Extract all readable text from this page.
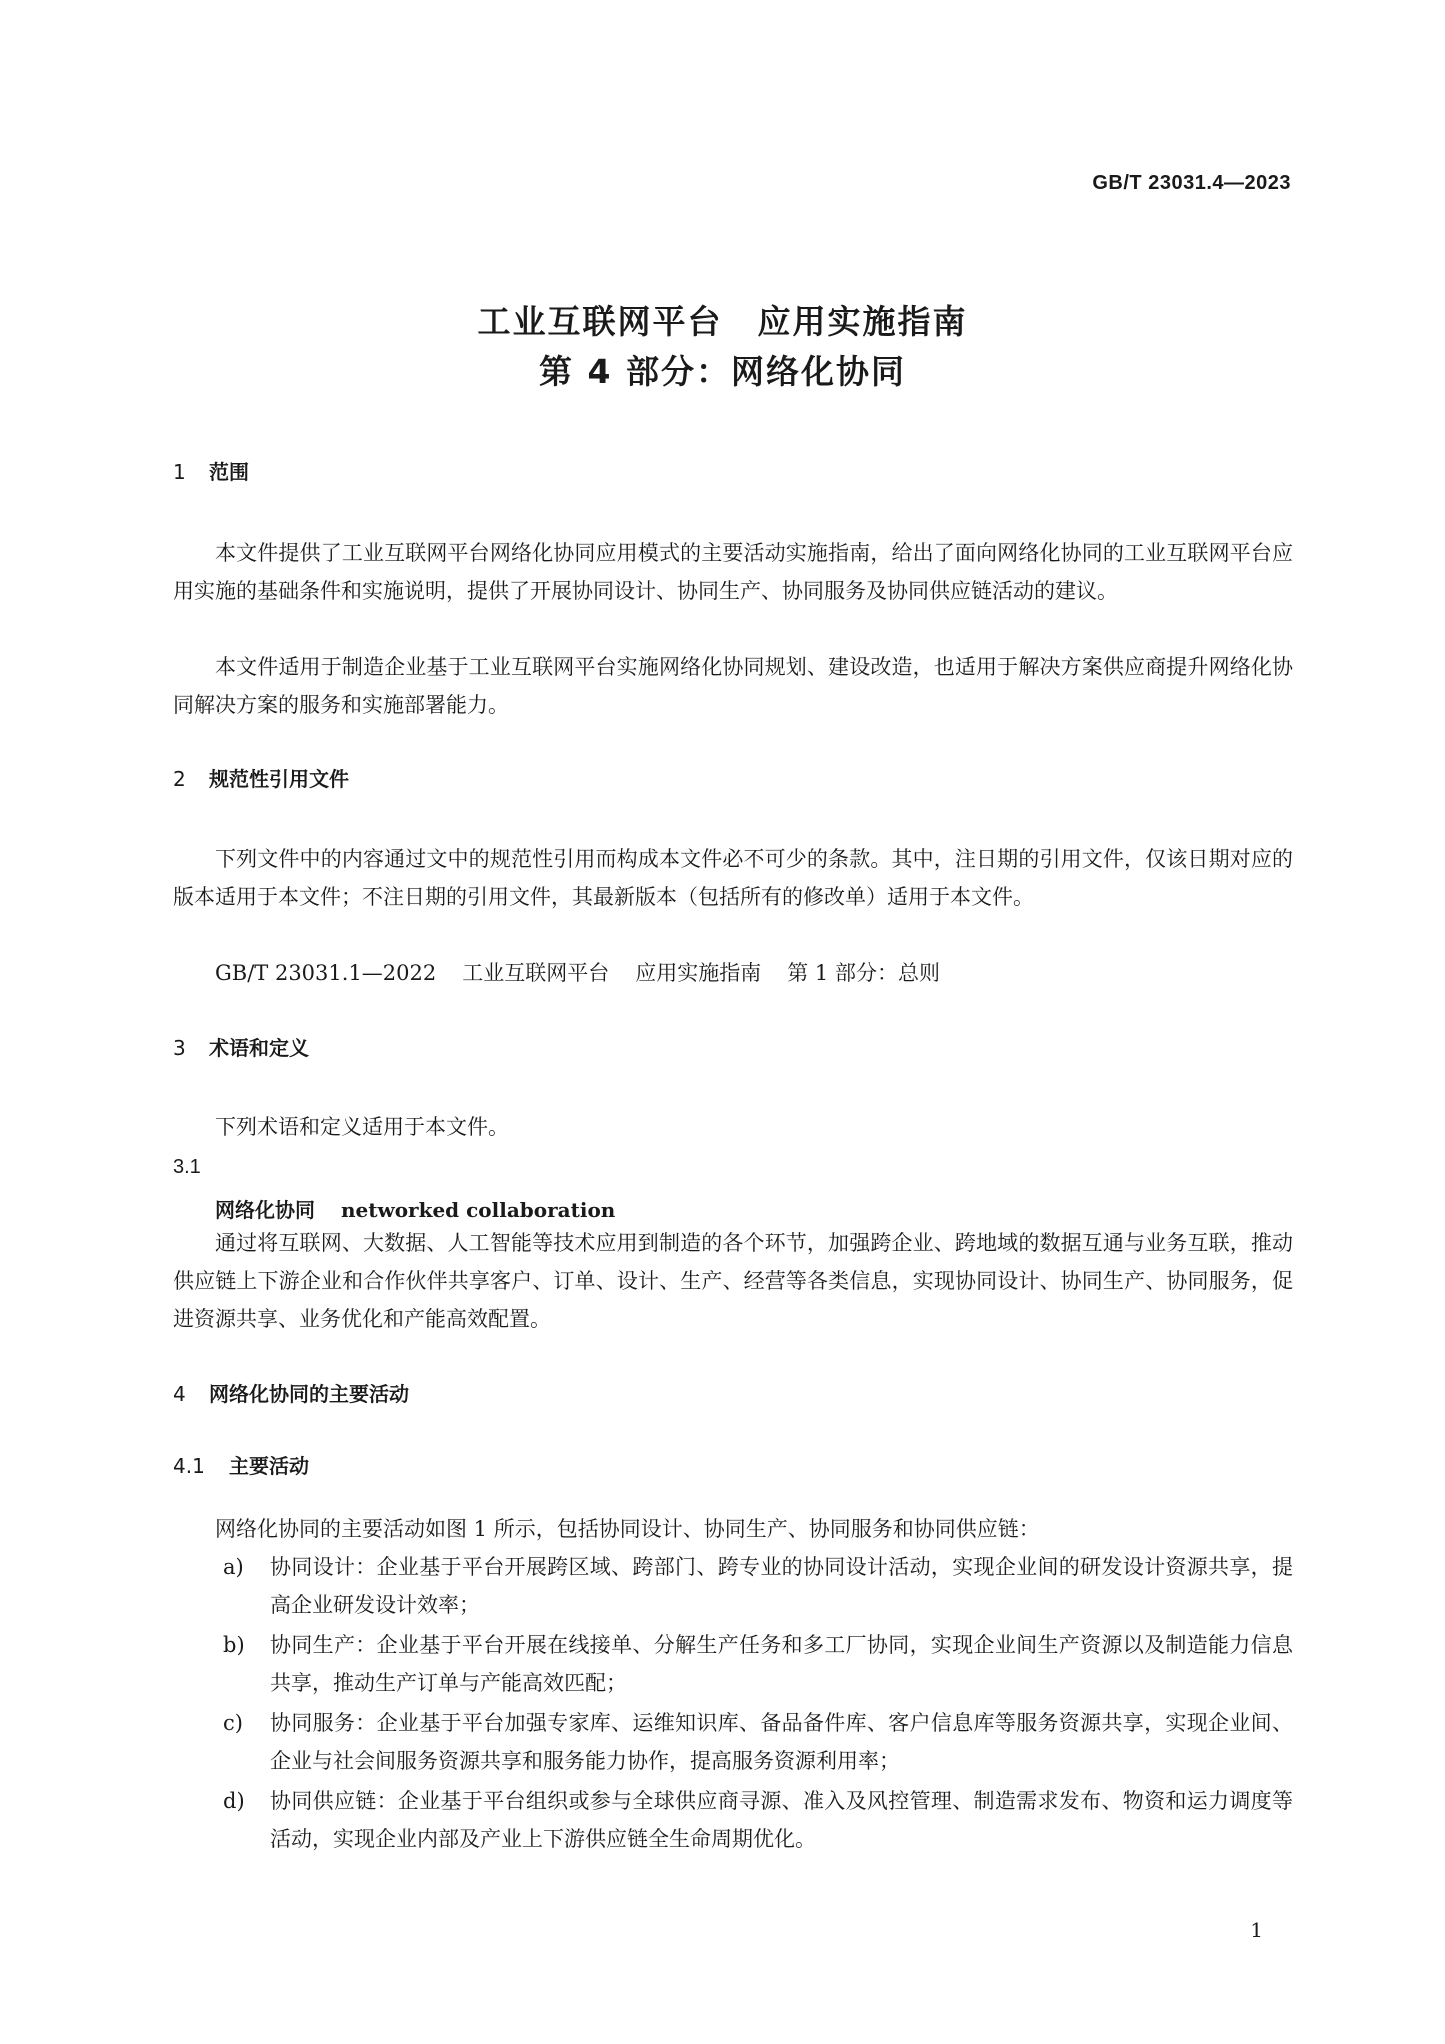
GB/T 23031.4—2023
工业互联网平台　应用实施指南
第 4 部分：网络化协同
1 范围

本文件提供了工业互联网平台网络化协同应用模式的主要活动实施指南，给出了面向网络化协同的工业互联网平台应用实施的基础条件和实施说明，提供了开展协同设计、协同生产、协同服务及协同供应链活动的建议。

本文件适用于制造企业基于工业互联网平台实施网络化协同规划、建设改造，也适用于解决方案供应商提升网络化协同解决方案的服务和实施部署能力。

2 规范性引用文件

下列文件中的内容通过文中的规范性引用而构成本文件必不可少的条款。其中，注日期的引用文件，仅该日期对应的版本适用于本文件；不注日期的引用文件，其最新版本（包括所有的修改单）适用于本文件。

GB/T 23031.1—2022 工业互联网平台 应用实施指南 第 1 部分：总则
3 术语和定义
下列术语和定义适用于本文件。
3.1
网络化协同 networked collaboration

通过将互联网、大数据、人工智能等技术应用到制造的各个环节，加强跨企业、跨地域的数据互通与业务互联，推动供应链上下游企业和合作伙伴共享客户、订单、设计、生产、经营等各类信息，实现协同设计、协同生产、协同服务，促进资源共享、业务优化和产能高效配置。

4 网络化协同的主要活动
4.1 主要活动
网络化协同的主要活动如图 1 所示，包括协同设计、协同生产、协同服务和协同供应链：
a) 协同设计：企业基于平台开展跨区域、跨部门、跨专业的协同设计活动，实现企业间的研发设计资源共享，提高企业研发设计效率；
b) 协同生产：企业基于平台开展在线接单、分解生产任务和多工厂协同，实现企业间生产资源以及制造能力信息共享，推动生产订单与产能高效匹配；
c) 协同服务：企业基于平台加强专家库、运维知识库、备品备件库、客户信息库等服务资源共享，实现企业间、企业与社会间服务资源共享和服务能力协作，提高服务资源利用率；
d) 协同供应链：企业基于平台组织或参与全球供应商寻源、准入及风控管理、制造需求发布、物资和运力调度等活动，实现企业内部及产业上下游供应链全生命周期优化。
1
